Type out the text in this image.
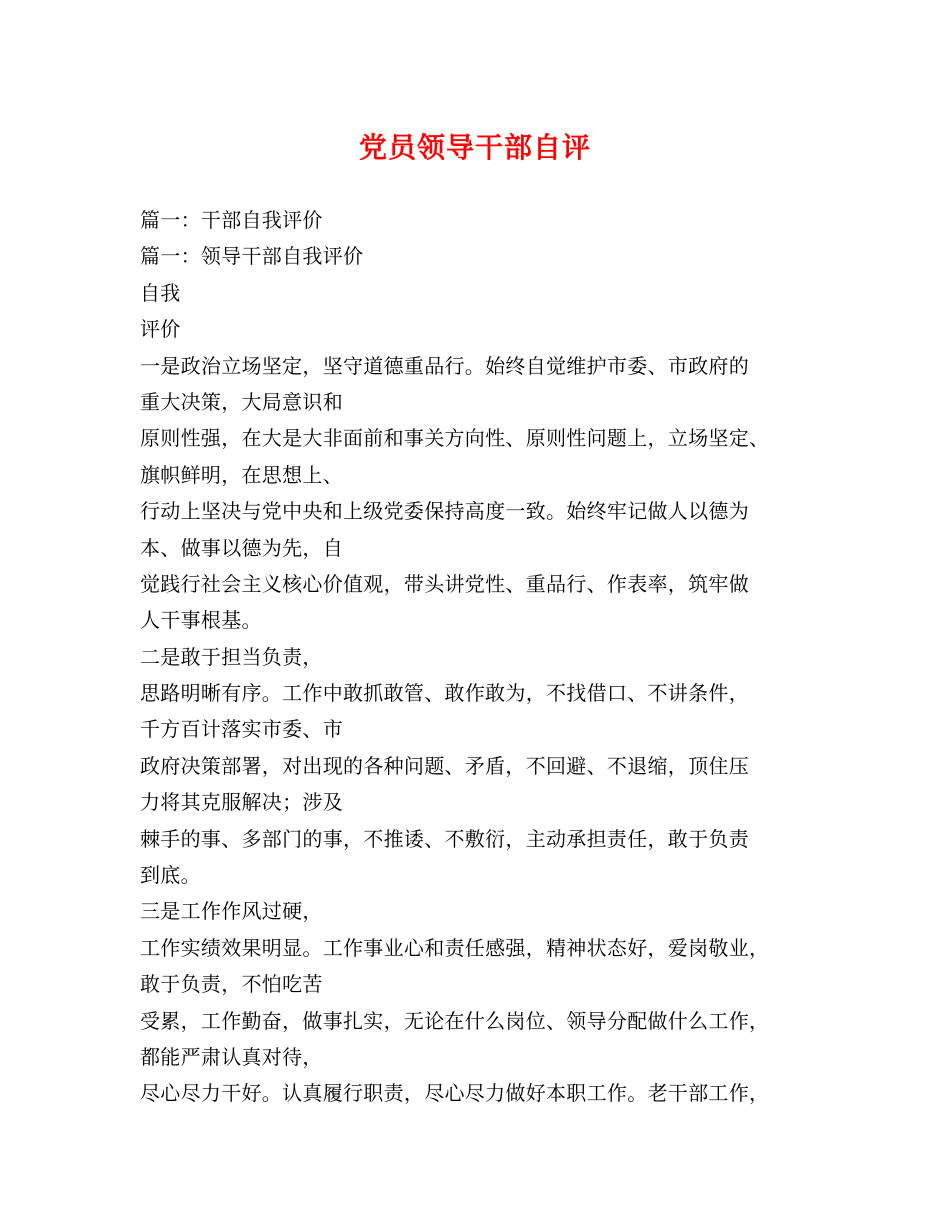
党员领导干部自评
篇一：干部自我评价
篇一：领导干部自我评价
自我
评价
一是政治立场坚定，坚守道德重品行。始终自觉维护市委、市政府的
重大决策，大局意识和
原则性强，在大是大非面前和事关方向性、原则性问题上，立场坚定、
旗帜鲜明，在思想上、
行动上坚决与党中央和上级党委保持高度一致。始终牢记做人以德为
本、做事以德为先，自
觉践行社会主义核心价值观，带头讲党性、重品行、作表率，筑牢做
人干事根基。
二是敢于担当负责，
思路明晰有序。工作中敢抓敢管、敢作敢为，不找借口、不讲条件，
千方百计落实市委、市
政府决策部署，对出现的各种问题、矛盾，不回避、不退缩，顶住压
力将其克服解决；涉及
棘手的事、多部门的事，不推诿、不敷衍，主动承担责任，敢于负责
到底。
三是工作作风过硬，
工作实绩效果明显。工作事业心和责任感强，精神状态好，爱岗敬业，
敢于负责，不怕吃苦
受累，工作勤奋，做事扎实，无论在什么岗位、领导分配做什么工作，
都能严肃认真对待，
尽心尽力干好。认真履行职责，尽心尽力做好本职工作。老干部工作，
